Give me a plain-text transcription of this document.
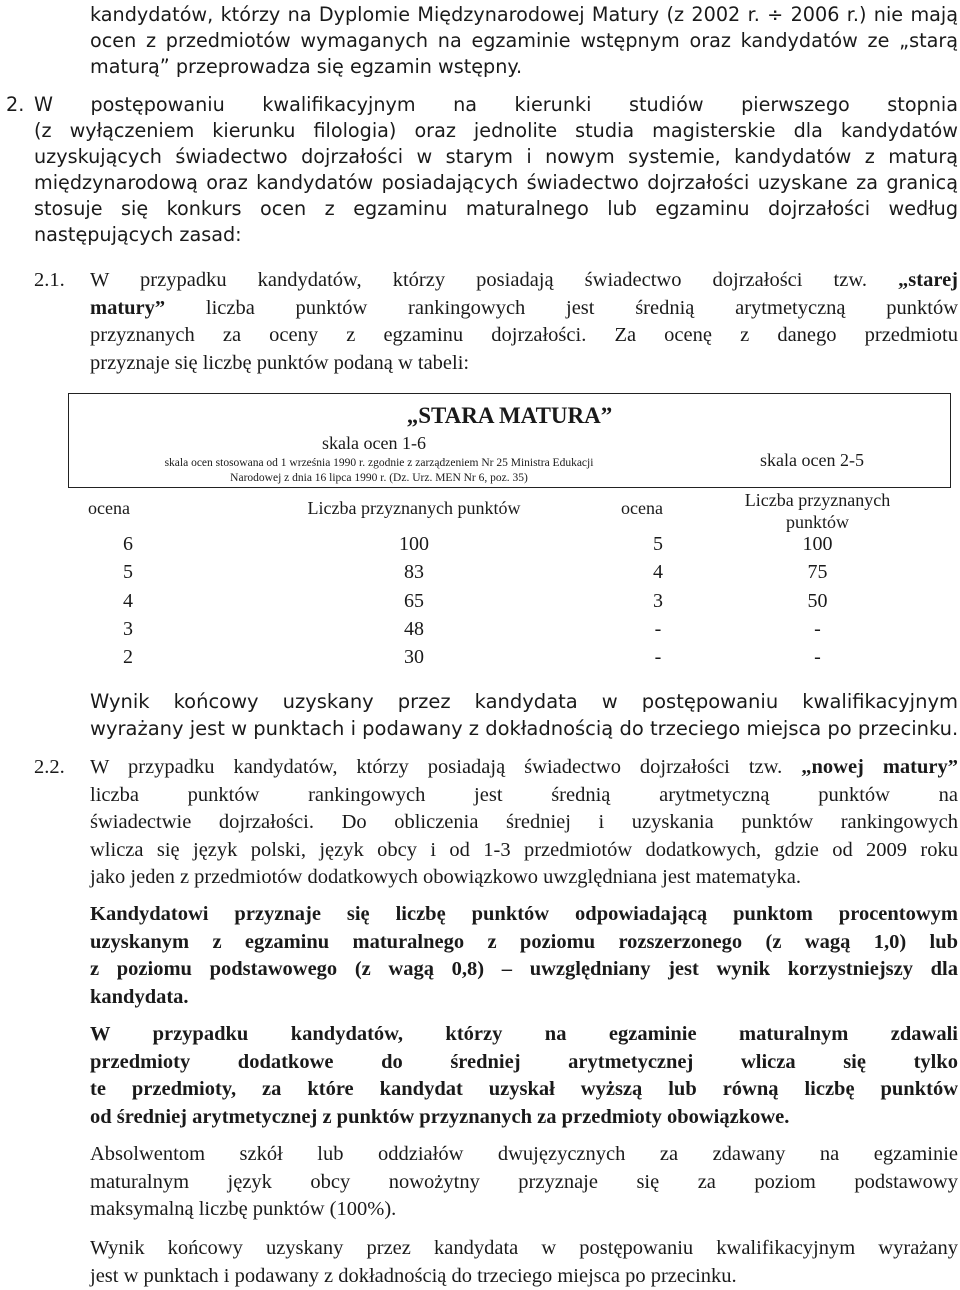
kandydatów, którzy na Dyplomie Międzynarodowej Matury (z 2002 r. ÷ 2006 r.) nie mają
ocen z przedmiotów wymaganych na egzaminie wstępnym oraz kandydatów ze „starą
maturą” przeprowadza się egzamin wstępny.
2. W postępowaniu kwalifikacyjnym na kierunki studiów pierwszego stopnia
(z wyłączeniem kierunku filologia) oraz jednolite studia magisterskie dla kandydatów
uzyskujących świadectwo dojrzałości w starym i nowym systemie, kandydatów z maturą
międzynarodową oraz kandydatów posiadających świadectwo dojrzałości uzyskane za granicą
stosuje się konkurs ocen z egzaminu maturalnego lub egzaminu dojrzałości według
następujących zasad:
2.1. W przypadku kandydatów, którzy posiadają świadectwo dojrzałości tzw. „starej
matury” liczba punktów rankingowych jest średnią arytmetyczną punktów
przyznanych za oceny z egzaminu dojrzałości. Za ocenę z danego przedmiotu
przyznaje się liczbę punktów podaną w tabeli:
„STARA MATURA”
skala ocen 1-6
skala ocen stosowana od 1 września 1990 r. zgodnie z zarządzeniem Nr 25 Ministra Edukacji
Narodowej z dnia 16 lipca 1990 r. (Dz. Urz. MEN Nr 6, poz. 35)
skala ocen 2-5
ocena	Liczba przyznanych punktów	ocena	Liczba przyznanych
punktów
6	100	5	100
5	83	4	75
4	65	3	50
3	48	-	-
2	30	-	-
Wynik końcowy uzyskany przez kandydata w postępowaniu kwalifikacyjnym
wyrażany jest w punktach i podawany z dokładnością do trzeciego miejsca po przecinku.
2.2. W przypadku kandydatów, którzy posiadają świadectwo dojrzałości tzw. „nowej matury”
liczba punktów rankingowych jest średnią arytmetyczną punktów na
świadectwie dojrzałości. Do obliczenia średniej i uzyskania punktów rankingowych
wlicza się język polski, język obcy i od 1-3 przedmiotów dodatkowych, gdzie od 2009 roku
jako jeden z przedmiotów dodatkowych obowiązkowo uwzględniana jest matematyka.
Kandydatowi przyznaje się liczbę punktów odpowiadającą punktom procentowym
uzyskanym z egzaminu maturalnego z poziomu rozszerzonego (z wagą 1,0) lub
z poziomu podstawowego (z wagą 0,8) – uwzględniany jest wynik korzystniejszy dla
kandydata.
W przypadku kandydatów, którzy na egzaminie maturalnym zdawali
przedmioty dodatkowe do średniej arytmetycznej wlicza się tylko
te przedmioty, za które kandydat uzyskał wyższą lub równą liczbę punktów
od średniej arytmetycznej z punktów przyznanych za przedmioty obowiązkowe.
Absolwentom szkół lub oddziałów dwujęzycznych za zdawany na egzaminie
maturalnym język obcy nowożytny przyznaje się za poziom podstawowy
maksymalną liczbę punktów (100%).
Wynik końcowy uzyskany przez kandydata w postępowaniu kwalifikacyjnym wyrażany
jest w punktach i podawany z dokładnością do trzeciego miejsca po przecinku.
